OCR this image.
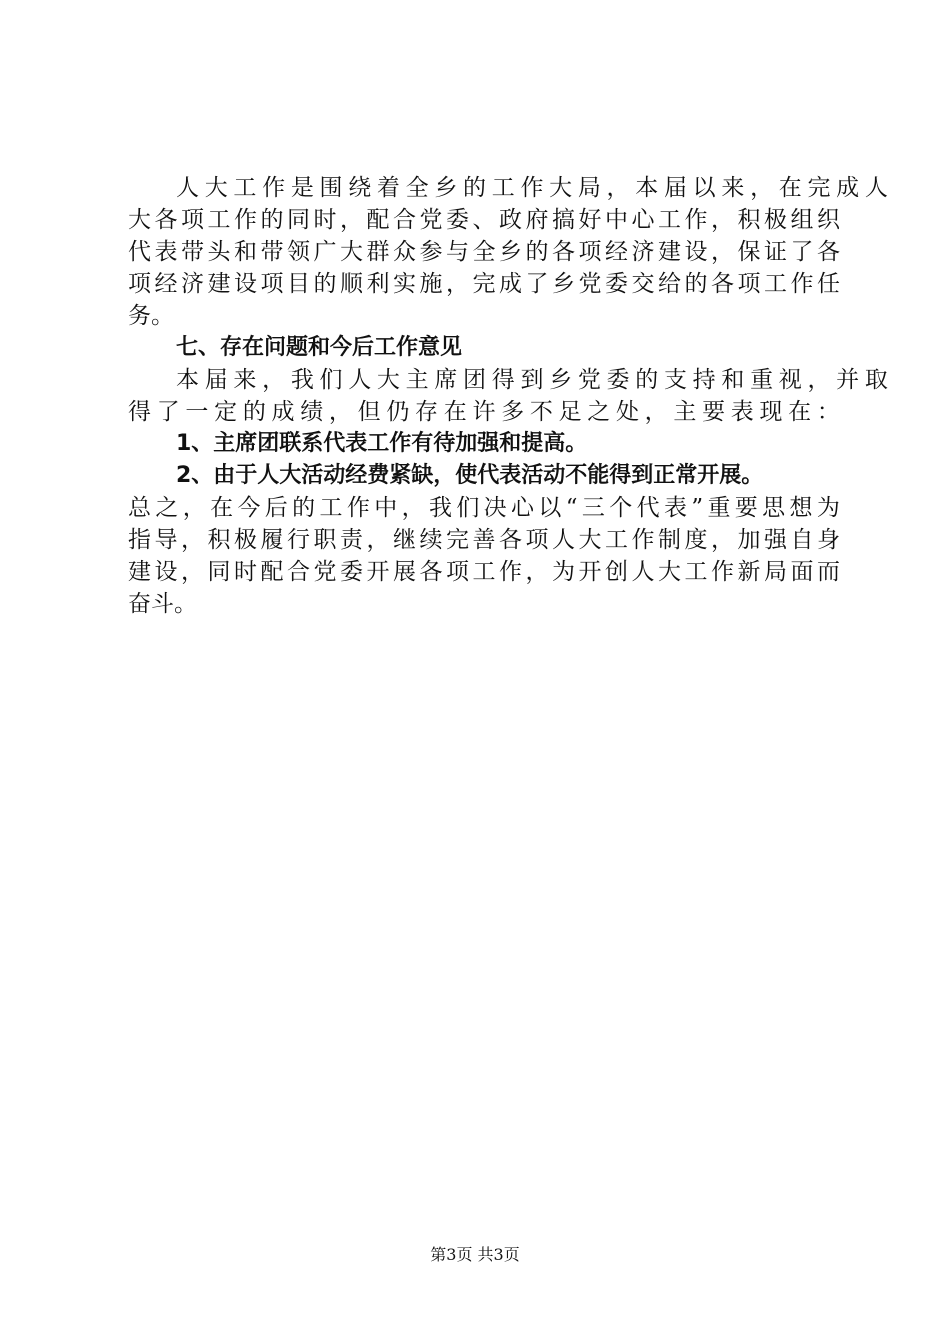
人 大 工 作 是 围 绕 着 全 乡 的 工 作 大 局 ， 本 届 以 来 ， 在 完 成 人
大 各 项 工 作 的 同 时 ， 配 合 党 委 、 政 府 搞 好 中 心 工 作 ， 积 极 组 织
代 表 带 头 和 带 领 广 大 群 众 参 与 全 乡 的 各 项 经 济 建 设 ， 保 证 了 各
项 经 济 建 设 项 目 的 顺 利 实 施 ， 完 成 了 乡 党 委 交 给 的 各 项 工 作 任
务。
七、存在问题和今后工作意见
本 届 来 ， 我 们 人 大 主 席 团 得 到 乡 党 委 的 支 持 和 重 视 ， 并 取
得 了 一 定 的 成 绩 ， 但 仍 存 在 许 多 不 足 之 处 ， 主 要 表 现 在 ：
1、主席团联系代表工作有待加强和提高。
2、由于人大活动经费紧缺，使代表活动不能得到正常开展。
总 之 ， 在 今 后 的 工 作 中 ， 我 们 决 心 以 “ 三 个 代 表 ” 重 要 思 想 为
指 导 ， 积 极 履 行 职 责 ， 继 续 完 善 各 项 人 大 工 作 制 度 ， 加 强 自 身
建 设 ， 同 时 配 合 党 委 开 展 各 项 工 作 ， 为 开 创 人 大 工 作 新 局 面 而
奋斗。
第3页 共3页
